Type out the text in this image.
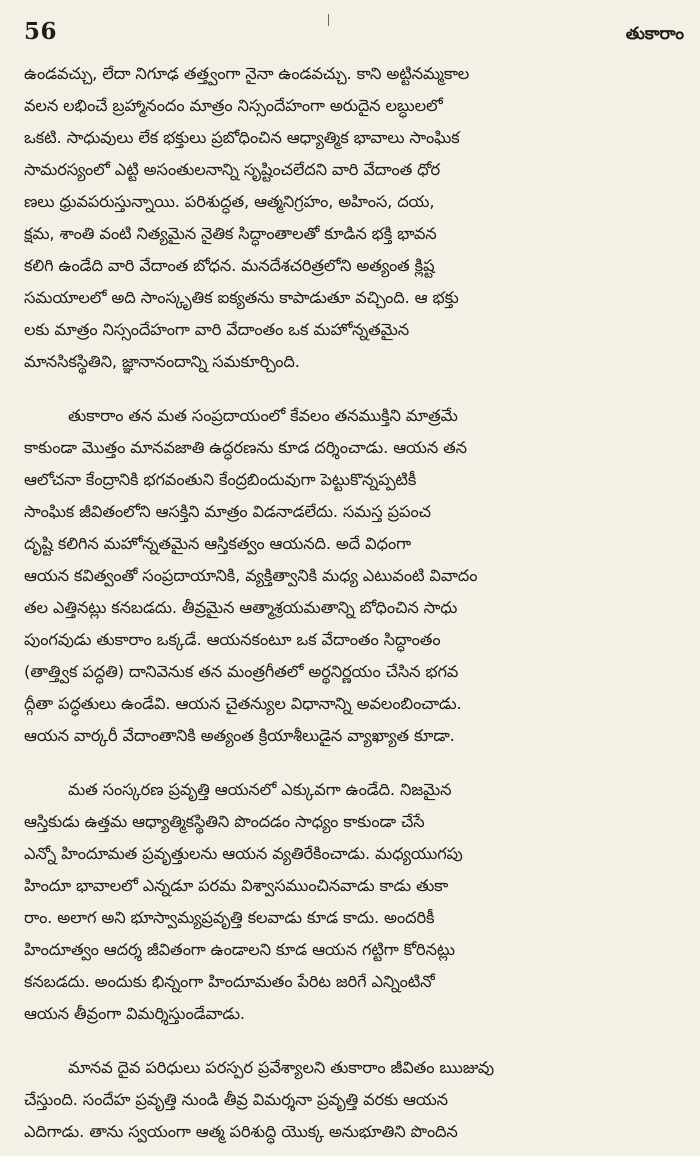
56	తుకారాం
ఉండవచ్చు, లేదా నిగూఢ తత్త్వంగా నైనా ఉండవచ్చు. కాని అట్టినమ్మకాల
వలన లభించే బ్రహ్మానందం మాత్రం నిస్సందేహంగా అరుదైన లబ్ధులలో
ఒకటి. సాధువులు లేక భక్తులు ప్రబోధించిన ఆధ్యాత్మిక భావాలు సాంఘిక
సామరస్యంలో ఎట్టి అసంతులనాన్ని సృష్టించలేదని వారి వేదాంత ధోర
ణలు ధ్రువపరుస్తున్నాయి. పరిశుద్ధత, ఆత్మనిగ్రహం, అహింస, దయ,
క్షమ, శాంతి వంటి నిత్యమైన నైతిక సిద్ధాంతాలతో కూడిన భక్తి భావన
కలిగి ఉండేది వారి వేదాంత బోధన. మనదేశచరిత్రలోని అత్యంత క్లిష్ట
సమయాలలో అది సాంస్కృతిక ఐక్యతను కాపాడుతూ వచ్చింది. ఆ భక్తు
లకు మాత్రం నిస్సందేహంగా వారి వేదాంతం ఒక మహోన్నతమైన
మానసికస్థితిని, జ్ఞానానందాన్ని సమకూర్చింది.
తుకారాం తన మత సంప్రదాయంలో కేవలం తనముక్తిని మాత్రమే
కాకుండా మొత్తం మానవజాతి ఉద్ధరణను కూడ దర్శించాడు. ఆయన తన
ఆలోచనా కేంద్రానికి భగవంతుని కేంద్రబిందువుగా పెట్టుకొన్నప్పటికీ
సాంఘిక జీవితంలోని ఆసక్తిని మాత్రం విడనాడలేదు. సమస్త ప్రపంచ
దృష్టి కలిగిన మహోన్నతమైన ఆస్తికత్వం ఆయనది. అదే విధంగా
ఆయన కవిత్వంతో సంప్రదాయానికి, వ్యక్తిత్వానికి మధ్య ఎటువంటి వివాదం
తల ఎత్తినట్లు కనబడదు. తీవ్రమైన ఆత్మాశ్రయమతాన్ని బోధించిన సాధు
పుంగవుడు తుకారాం ఒక్కడే. ఆయనకంటూ ఒక వేదాంతం సిద్ధాంతం
(తాత్త్విక పద్ధతి) దానివెనుక తన మంత్రగీతలో అర్థనిర్ణయం చేసిన భగవ
ద్గీతా పద్ధతులు ఉండేవి. ఆయన చైతన్యుల విధానాన్ని అవలంబించాడు.
ఆయన వార్కరీ వేదాంతానికి అత్యంత క్రియాశీలుడైన వ్యాఖ్యాత కూడా.
మత సంస్కరణ ప్రవృత్తి ఆయనలో ఎక్కువగా ఉండేది. నిజమైన
ఆస్తికుడు ఉత్తమ ఆధ్యాత్మికస్థితిని పొందడం సాధ్యం కాకుండా చేసే
ఎన్నో హిందూమత ప్రవృత్తులను ఆయన వ్యతిరేకించాడు. మధ్యయుగపు
హిందూ భావాలలో ఎన్నడూ పరమ విశ్వాసముంచినవాడు కాడు తుకా
రాం. అలాగ అని భూస్వామ్యప్రవృత్తి కలవాడు కూడ కాదు. అందరికీ
హిందూత్వం ఆదర్శ జీవితంగా ఉండాలని కూడ ఆయన గట్టిగా కోరినట్లు
కనబడదు. అందుకు భిన్నంగా హిందూమతం పేరిట జరిగే ఎన్నింటినో
ఆయన తీవ్రంగా విమర్శిస్తుండేవాడు.
మానవ దైవ పరిధులు పరస్పర ప్రవేశ్యాలని తుకారాం జీవితం ఋజువు
చేస్తుంది. సందేహ ప్రవృత్తి నుండి తీవ్ర విమర్శనా ప్రవృత్తి వరకు ఆయన
ఎదిగాడు. తాను స్వయంగా ఆత్మ పరిశుద్ధి యొక్క అనుభూతిని పొందిన
